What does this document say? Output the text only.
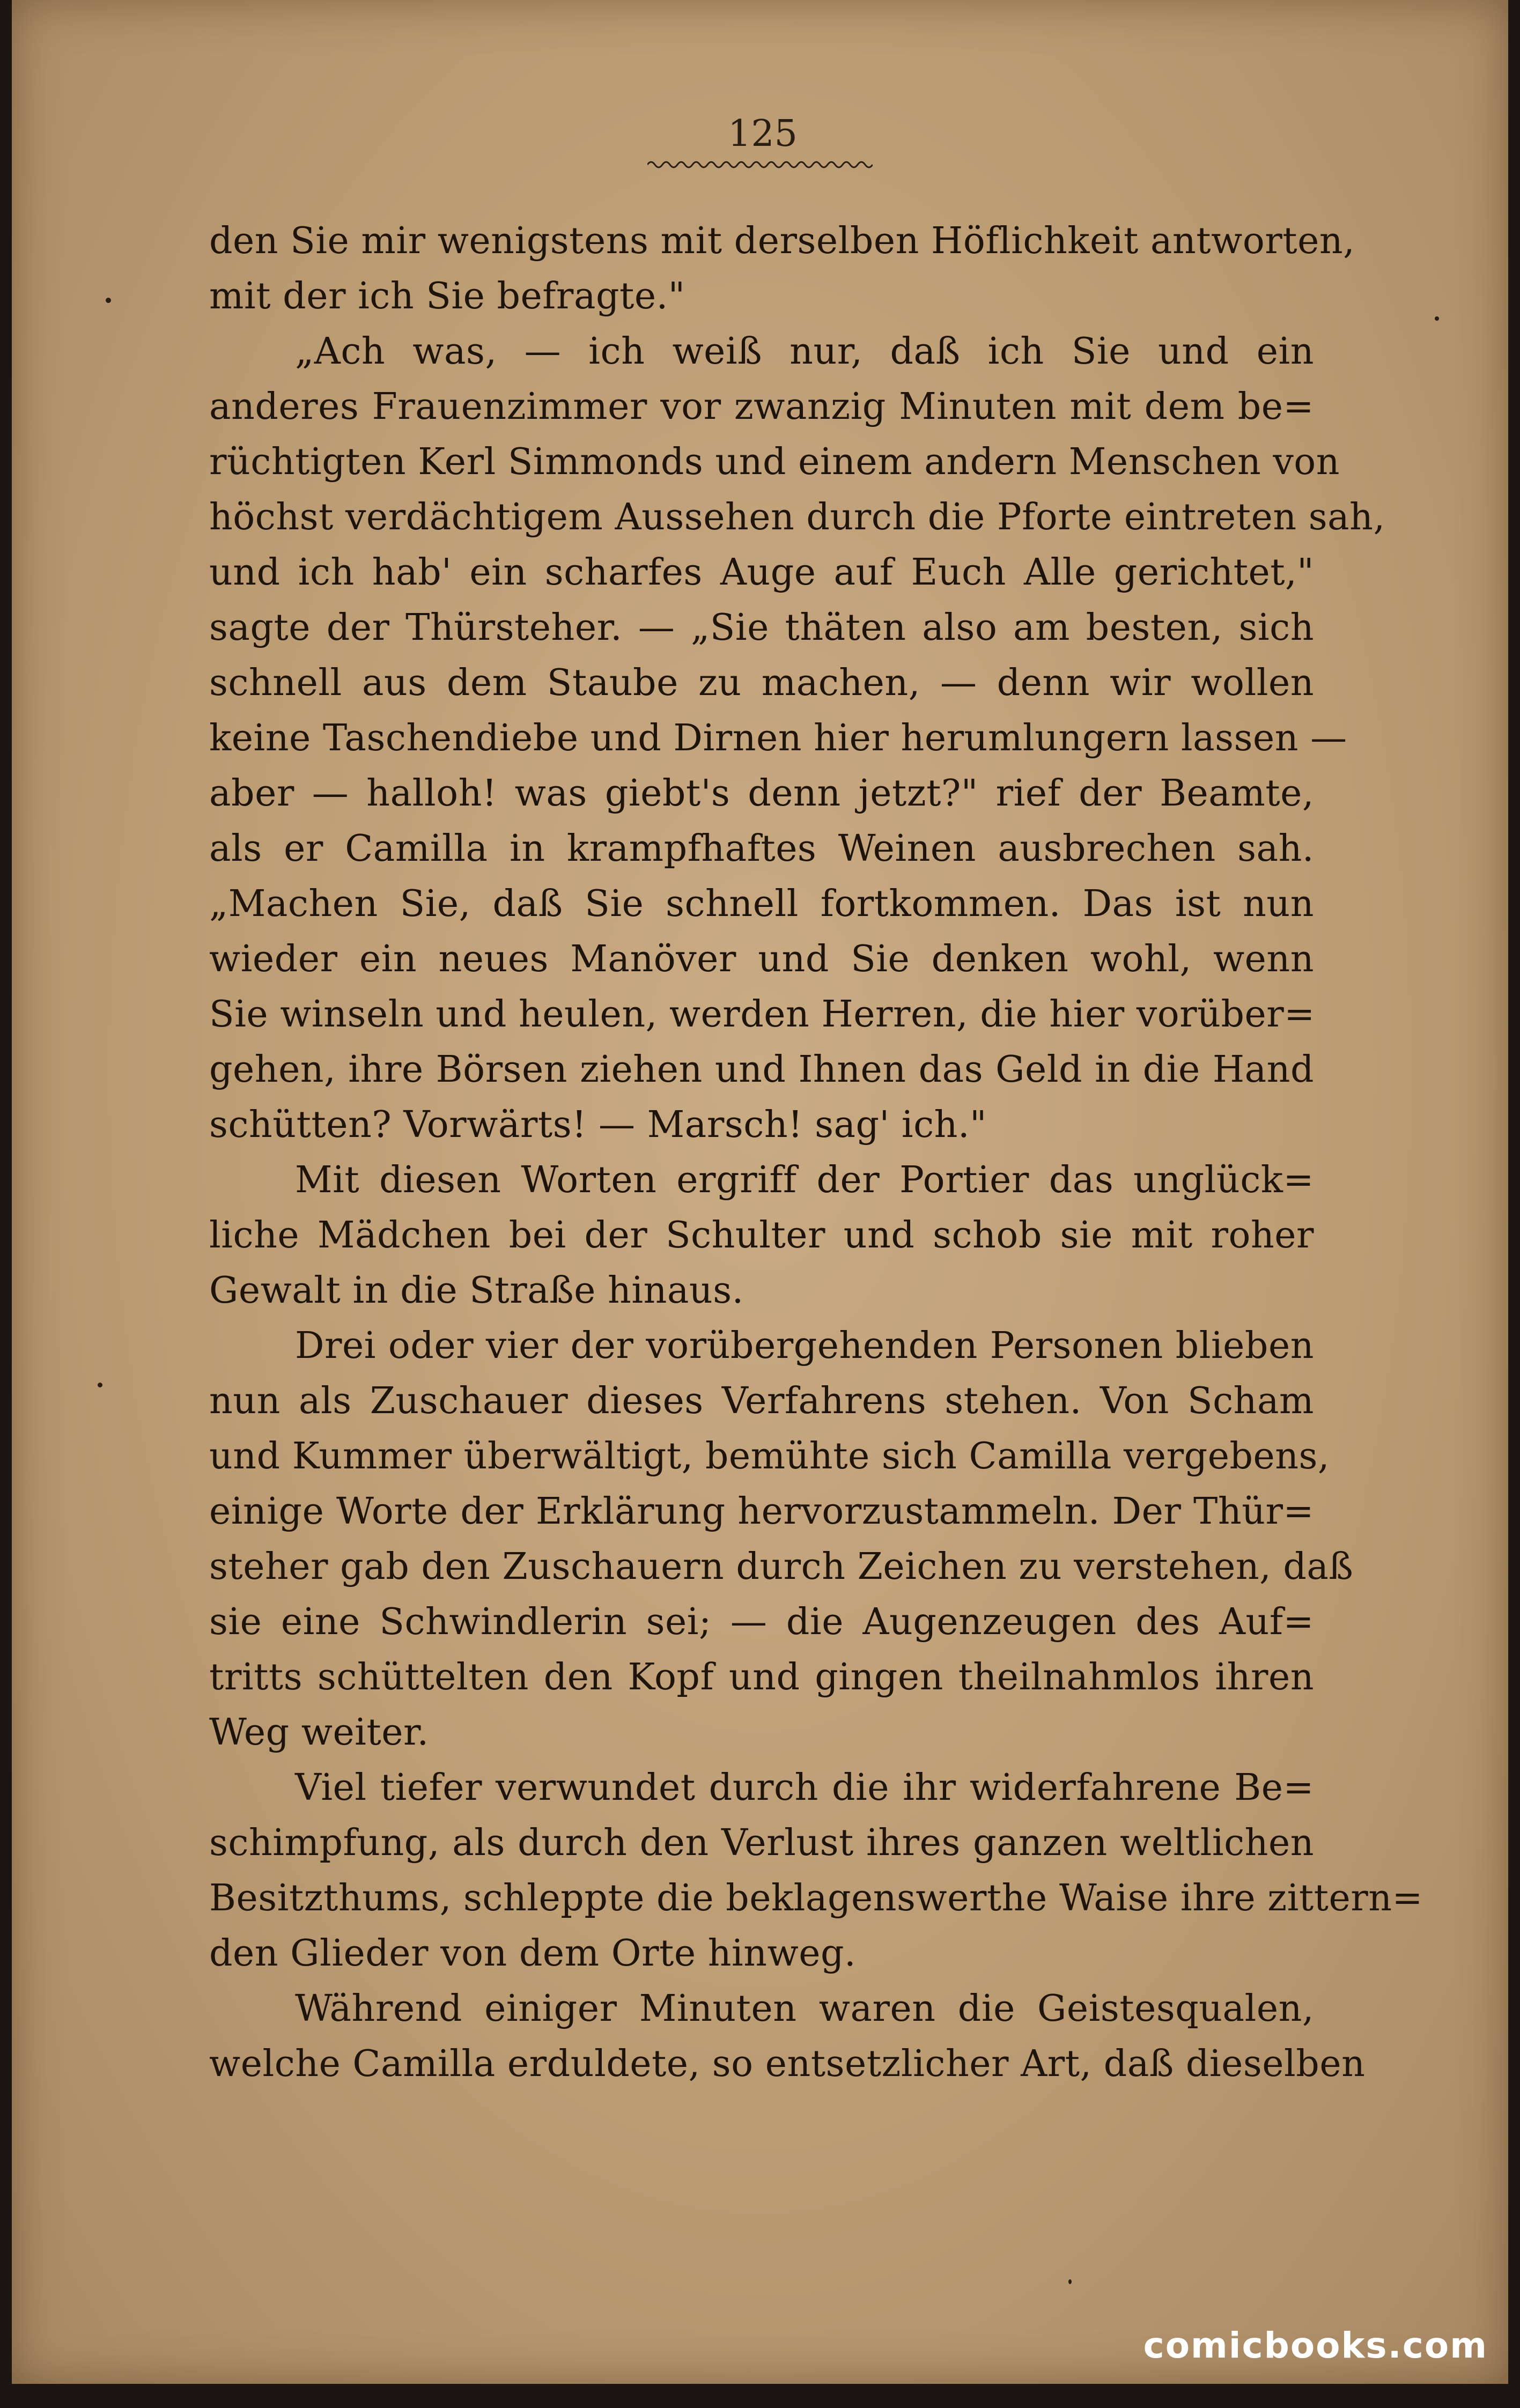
125
den Sie mir wenigstens mit derselben Höflichkeit antworten,
mit der ich Sie befragte."
„Ach was, — ich weiß nur, daß ich Sie und ein
anderes Frauenzimmer vor zwanzig Minuten mit dem be=
rüchtigten Kerl Simmonds und einem andern Menschen von
höchst verdächtigem Aussehen durch die Pforte eintreten sah,
und ich hab' ein scharfes Auge auf Euch Alle gerichtet,"
sagte der Thürsteher. — „Sie thäten also am besten, sich
schnell aus dem Staube zu machen, — denn wir wollen
keine Taschendiebe und Dirnen hier herumlungern lassen —
aber — halloh! was giebt's denn jetzt?" rief der Beamte,
als er Camilla in krampfhaftes Weinen ausbrechen sah.
„Machen Sie, daß Sie schnell fortkommen. Das ist nun
wieder ein neues Manöver und Sie denken wohl, wenn
Sie winseln und heulen, werden Herren, die hier vorüber=
gehen, ihre Börsen ziehen und Ihnen das Geld in die Hand
schütten? Vorwärts! — Marsch! sag' ich."
Mit diesen Worten ergriff der Portier das unglück=
liche Mädchen bei der Schulter und schob sie mit roher
Gewalt in die Straße hinaus.
Drei oder vier der vorübergehenden Personen blieben
nun als Zuschauer dieses Verfahrens stehen. Von Scham
und Kummer überwältigt, bemühte sich Camilla vergebens,
einige Worte der Erklärung hervorzustammeln. Der Thür=
steher gab den Zuschauern durch Zeichen zu verstehen, daß
sie eine Schwindlerin sei; — die Augenzeugen des Auf=
tritts schüttelten den Kopf und gingen theilnahmlos ihren
Weg weiter.
Viel tiefer verwundet durch die ihr widerfahrene Be=
schimpfung, als durch den Verlust ihres ganzen weltlichen
Besitzthums, schleppte die beklagenswerthe Waise ihre zittern=
den Glieder von dem Orte hinweg.
Während einiger Minuten waren die Geistesqualen,
welche Camilla erduldete, so entsetzlicher Art, daß dieselben
comicbooks.com
